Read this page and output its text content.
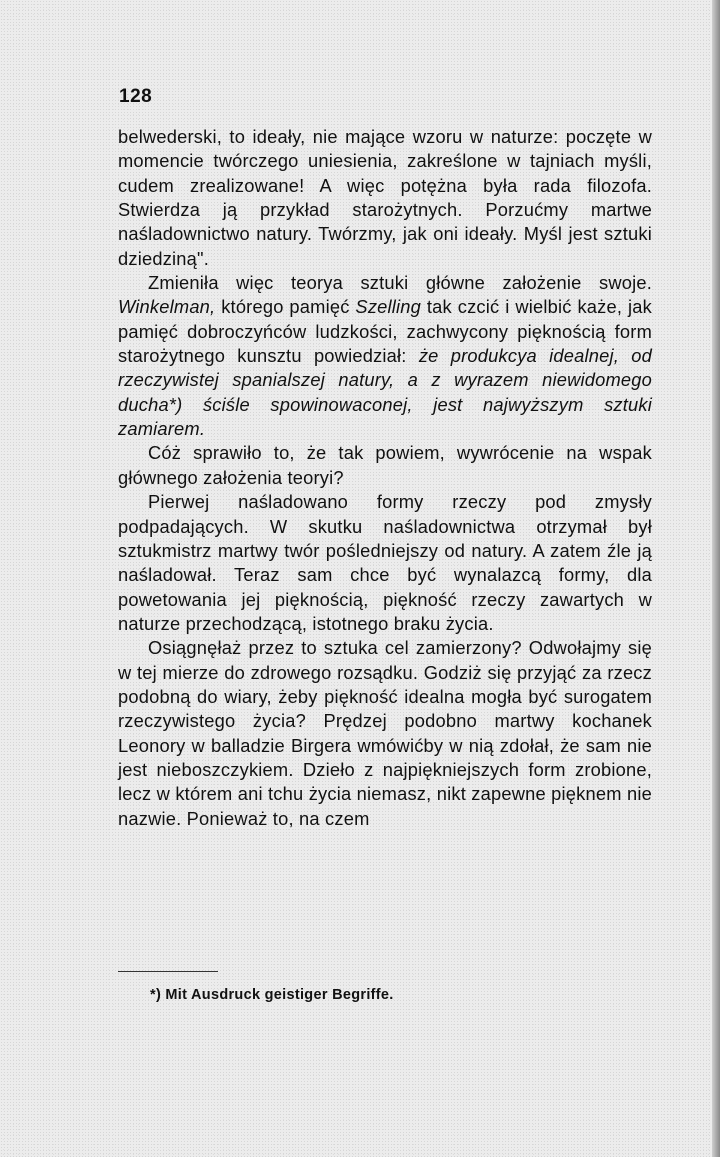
128

belwederski, to ideały, nie mające wzoru w naturze: poczęte w momencie twórczego uniesienia, zakreślone w tajniach myśli, cudem zrealizowane! A więc potężna była rada filozofa. Stwierdza ją przykład starożytnych. Porzućmy martwe naśladownictwo natury. Twórzmy, jak oni ideały. Myśl jest sztuki dziedziną".

Zmieniła więc teorya sztuki główne założenie swoje. Winkelman, którego pamięć Szelling tak czcić i wielbić każe, jak pamięć dobroczyńców ludzkości, zachwycony pięknością form starożytnego kunsztu powiedział: że produkcya idealnej, od rzeczywistej spanialszej natury, a z wyrazem niewidomego ducha*) ściśle spowinowaconej, jest najwyższym sztuki zamiarem.

Cóż sprawiło to, że tak powiem, wywrócenie na wspak głównego założenia teoryi?

Pierwej naśladowano formy rzeczy pod zmysły podpadających. W skutku naśladownictwa otrzymał był sztukmistrz martwy twór pośledniejszy od natury. A zatem źle ją naśladował. Teraz sam chce być wynalazcą formy, dla powetowania jej pięknością, piękność rzeczy zawartych w naturze przechodzącą, istotnego braku życia.

Osiągnęłaż przez to sztuka cel zamierzony? Odwołajmy się w tej mierze do zdrowego rozsądku. Godziż się przyjąć za rzecz podobną do wiary, żeby piękność idealna mogła być surogatem rzeczywistego życia? Prędzej podobno martwy kochanek Leonory w balladzie Birgera wmówićby w nią zdołał, że sam nie jest nieboszczykiem. Dzieło z najpiękniejszych form zrobione, lecz w którem ani tchu życia niemasz, nikt zapewne pięknem nie nazwie. Ponieważ to, na czem

*) Mit Ausdruck geistiger Begriffe.
